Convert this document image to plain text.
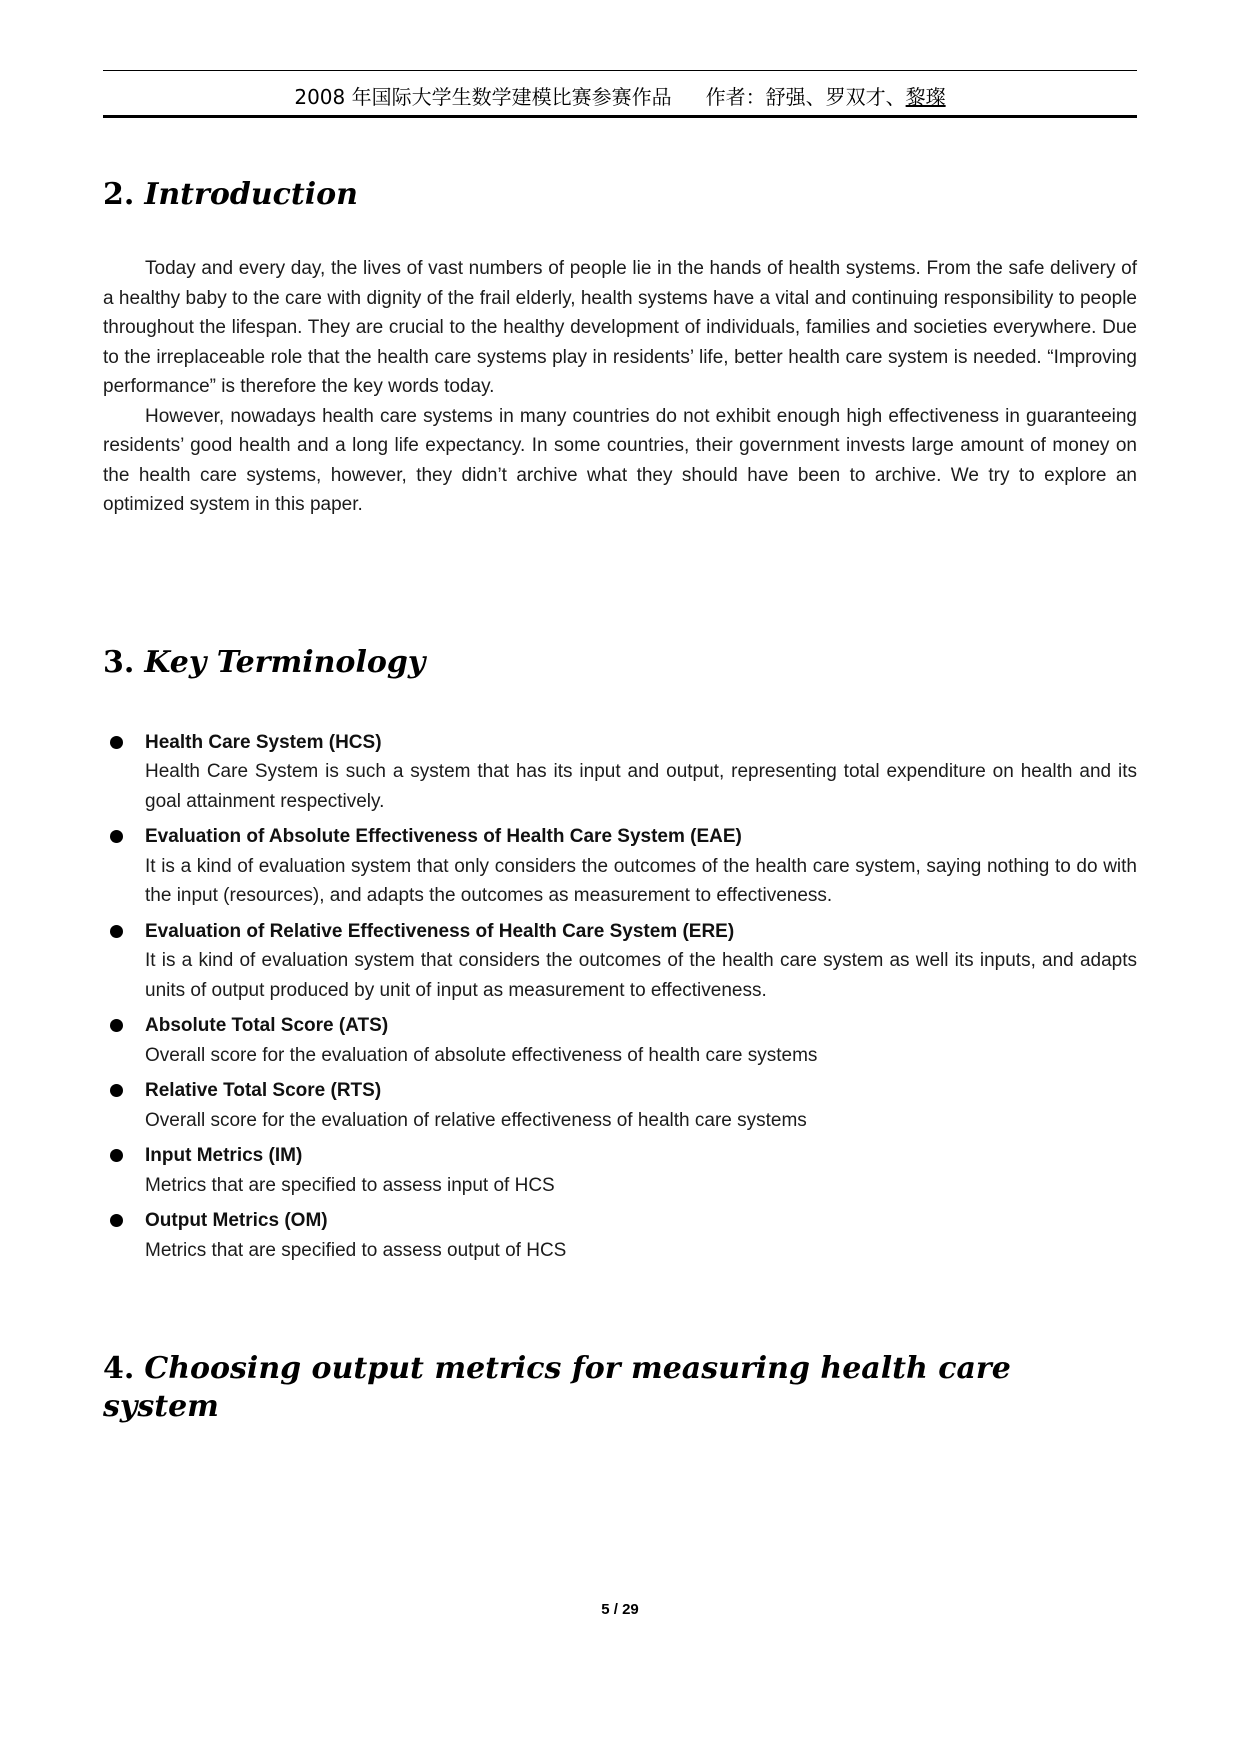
2008 年国际大学生数学建模比赛参赛作品 作者：舒强、罗双才、黎璨
2. Introduction

Today and every day, the lives of vast numbers of people lie in the hands of health systems. From the safe delivery of a healthy baby to the care with dignity of the frail elderly, health systems have a vital and continuing responsibility to people throughout the lifespan. They are crucial to the healthy development of individuals, families and societies everywhere. Due to the irreplaceable role that the health care systems play in residents’ life, better health care system is needed. “Improving performance” is therefore the key words today.

However, nowadays health care systems in many countries do not exhibit enough high effectiveness in guaranteeing residents’ good health and a long life expectancy. In some countries, their government invests large amount of money on the health care systems, however, they didn’t archive what they should have been to archive. We try to explore an optimized system in this paper.

3. Key Terminology
Health Care System (HCS)
Health Care System is such a system that has its input and output, representing total expenditure on health and its goal attainment respectively.
Evaluation of Absolute Effectiveness of Health Care System (EAE)
It is a kind of evaluation system that only considers the outcomes of the health care system, saying nothing to do with the input (resources), and adapts the outcomes as measurement to effectiveness.
Evaluation of Relative Effectiveness of Health Care System (ERE)
It is a kind of evaluation system that considers the outcomes of the health care system as well its inputs, and adapts units of output produced by unit of input as measurement to effectiveness.
Absolute Total Score (ATS)
Overall score for the evaluation of absolute effectiveness of health care systems
Relative Total Score (RTS)
Overall score for the evaluation of relative effectiveness of health care systems
Input Metrics (IM)
Metrics that are specified to assess input of HCS
Output Metrics (OM)
Metrics that are specified to assess output of HCS
4. Choosing output metrics for measuring health care system
5 / 29
